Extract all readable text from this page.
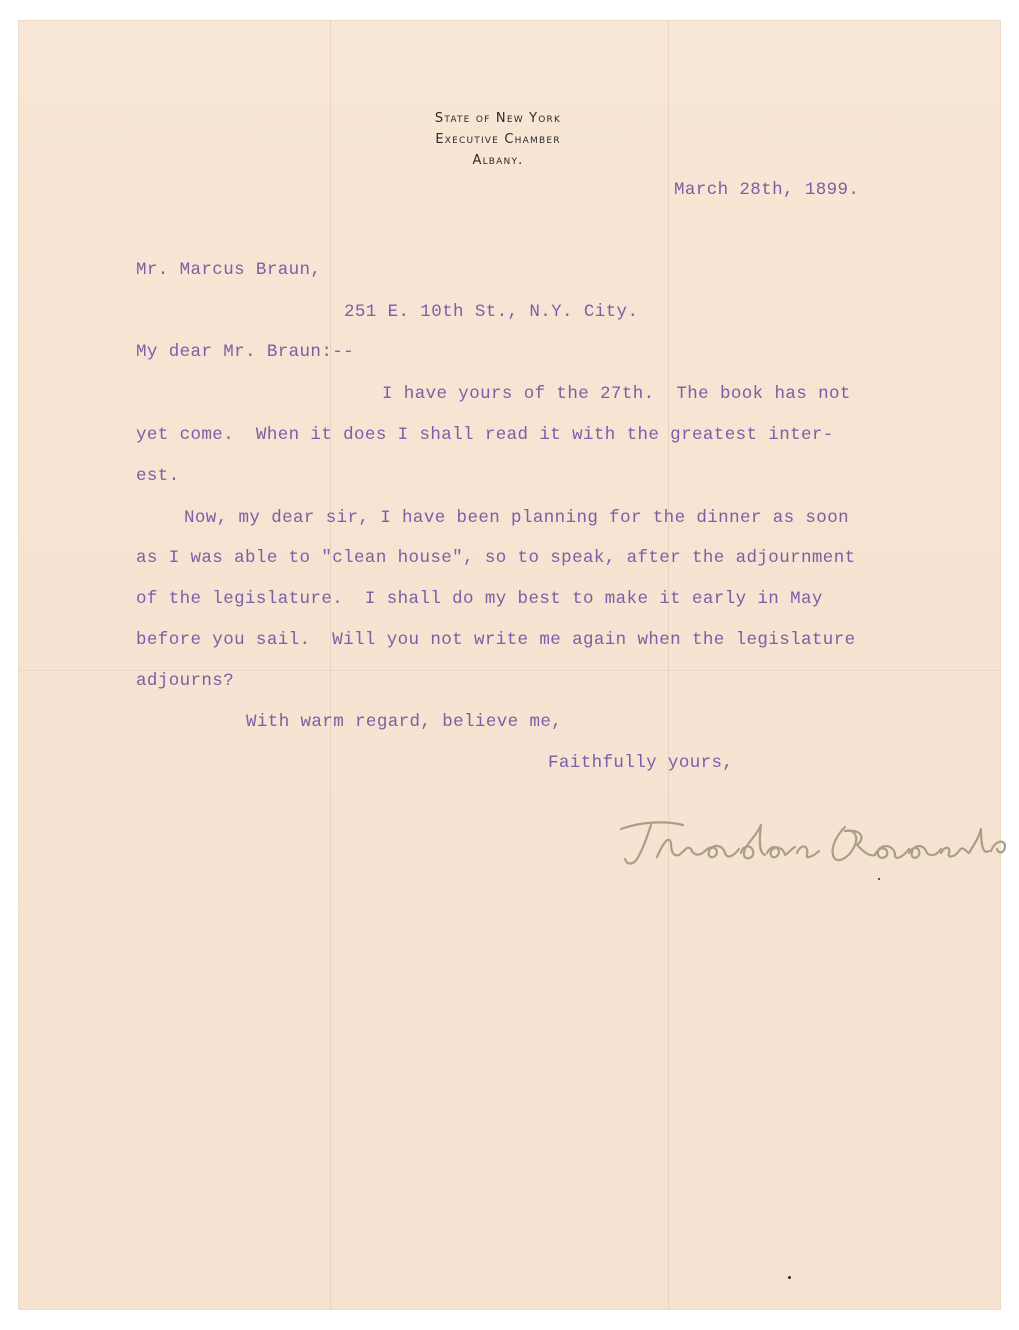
State of New York
Executive Chamber
Albany.
March 28th, 1899.
Mr. Marcus Braun,
251 E. 10th St., N.Y. City.
My dear Mr. Braun:--
I have yours of the 27th.  The book has not
yet come.  When it does I shall read it with the greatest inter-
est.
Now, my dear sir, I have been planning for the dinner as soon
as I was able to "clean house", so to speak, after the adjournment
of the legislature.  I shall do my best to make it early in May
before you sail.  Will you not write me again when the legislature
adjourns?
With warm regard, believe me,
Faithfully yours,
